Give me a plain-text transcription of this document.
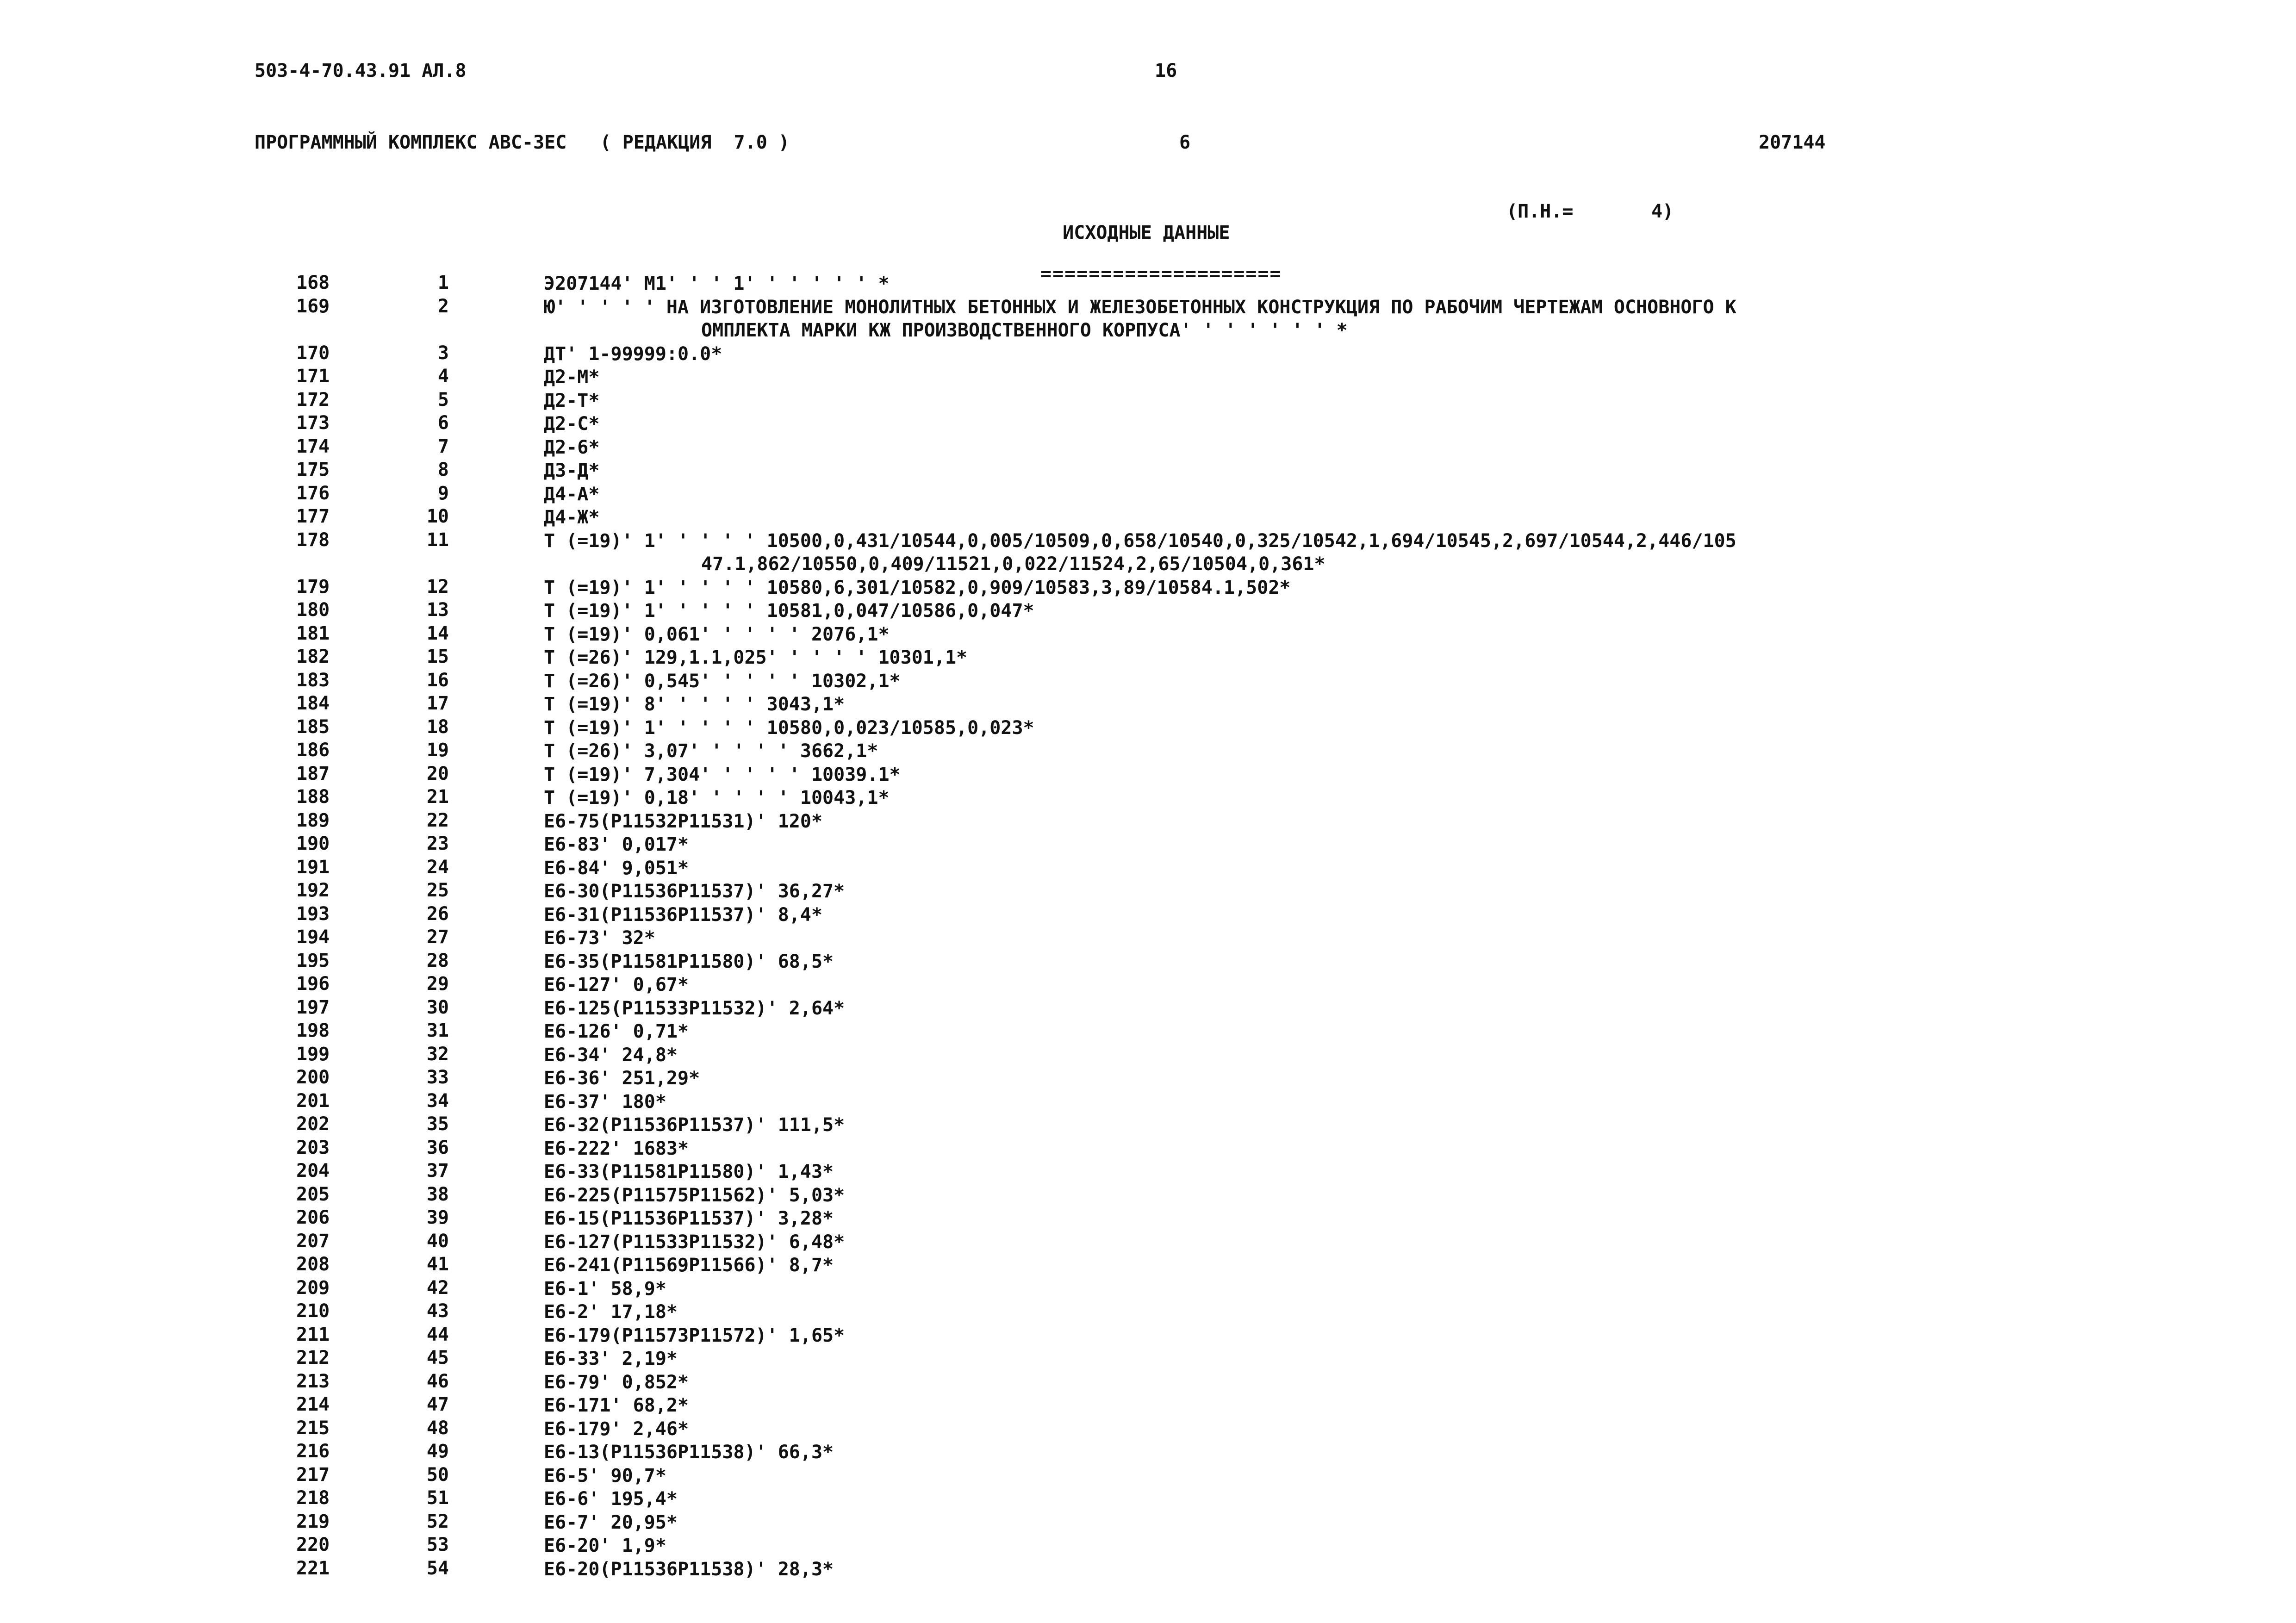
503-4-70.43.91 АЛ.8	16
ПРОГРАММНЫЙ КОМПЛЕКС АВС-3ЕС   ( РЕДАКЦИЯ  7.0 )	6	207144

ИСХОДНЫЕ ДАННЫЕ

====================

(П.Н.=	4)
168	1	Э207144' М1' ' ' 1' ' ' ' ' ' *
169	2	Ю' ' ' ' ' НА ИЗГОТОВЛЕНИЕ МОНОЛИТНЫХ БЕТОННЫХ И ЖЕЛЕЗОБЕТОННЫХ КОНСТРУКЦИЯ ПО РАБОЧИМ ЧЕРТЕЖАМ ОСНОВНОГО К
ОМПЛЕКТА МАРКИ КЖ ПРОИЗВОДСТВЕННОГО КОРПУСА' ' ' ' ' ' ' *
170	3	ДТ' 1-99999:0.0*
171	4	Д2-М*
172	5	Д2-Т*
173	6	Д2-С*
174	7	Д2-6*
175	8	Д3-Д*
176	9	Д4-А*
177	10	Д4-Ж*
178	11	Т (=19)' 1' ' ' ' ' 10500,0,431/10544,0,005/10509,0,658/10540,0,325/10542,1,694/10545,2,697/10544,2,446/105
47.1,862/10550,0,409/11521,0,022/11524,2,65/10504,0,361*
179	12	Т (=19)' 1' ' ' ' ' 10580,6,301/10582,0,909/10583,3,89/10584.1,502*
180	13	Т (=19)' 1' ' ' ' ' 10581,0,047/10586,0,047*
181	14	Т (=19)' 0,061' ' ' ' ' 2076,1*
182	15	Т (=26)' 129,1.1,025' ' ' ' ' 10301,1*
183	16	Т (=26)' 0,545' ' ' ' ' 10302,1*
184	17	Т (=19)' 8' ' ' ' ' 3043,1*
185	18	Т (=19)' 1' ' ' ' ' 10580,0,023/10585,0,023*
186	19	Т (=26)' 3,07' ' ' ' ' 3662,1*
187	20	Т (=19)' 7,304' ' ' ' ' 10039.1*
188	21	Т (=19)' 0,18' ' ' ' ' 10043,1*
189	22	Е6-75(Р11532Р11531)' 120*
190	23	Е6-83' 0,017*
191	24	Е6-84' 9,051*
192	25	Е6-30(Р11536Р11537)' 36,27*
193	26	Е6-31(Р11536Р11537)' 8,4*
194	27	Е6-73' 32*
195	28	Е6-35(Р11581Р11580)' 68,5*
196	29	Е6-127' 0,67*
197	30	Е6-125(Р11533Р11532)' 2,64*
198	31	Е6-126' 0,71*
199	32	Е6-34' 24,8*
200	33	Е6-36' 251,29*
201	34	Е6-37' 180*
202	35	Е6-32(Р11536Р11537)' 111,5*
203	36	Е6-222' 1683*
204	37	Е6-33(Р11581Р11580)' 1,43*
205	38	Е6-225(Р11575Р11562)' 5,03*
206	39	Е6-15(Р11536Р11537)' 3,28*
207	40	Е6-127(Р11533Р11532)' 6,48*
208	41	Е6-241(Р11569Р11566)' 8,7*
209	42	Е6-1' 58,9*
210	43	Е6-2' 17,18*
211	44	Е6-179(Р11573Р11572)' 1,65*
212	45	Е6-33' 2,19*
213	46	Е6-79' 0,852*
214	47	Е6-171' 68,2*
215	48	Е6-179' 2,46*
216	49	Е6-13(Р11536Р11538)' 66,3*
217	50	Е6-5' 90,7*
218	51	Е6-6' 195,4*
219	52	Е6-7' 20,95*
220	53	Е6-20' 1,9*
221	54	Е6-20(Р11536Р11538)' 28,3*
